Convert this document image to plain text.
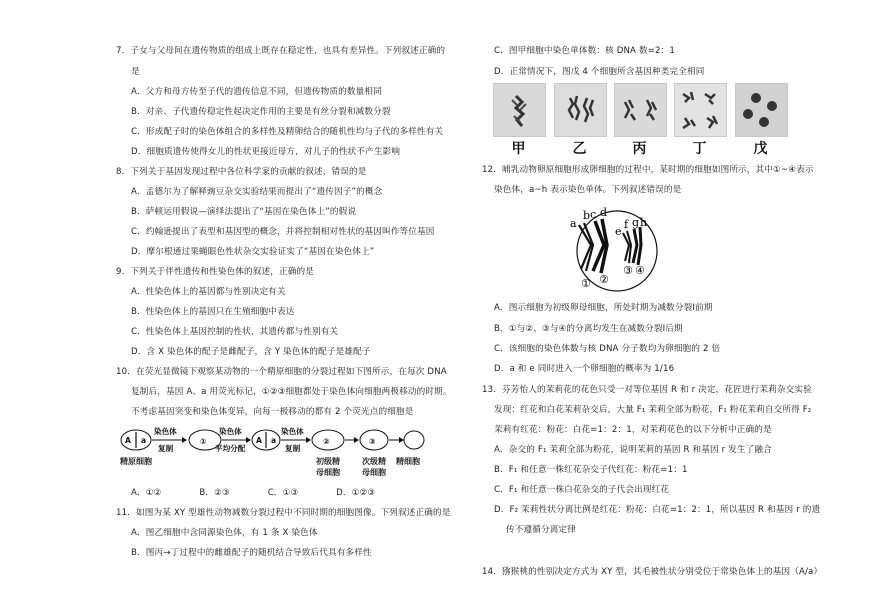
7．子女与父母间在遗传物质的组成上既存在稳定性，也具有差异性。下列叙述正确的
是
A．父方和母方传至子代的遗传信息不同，但遗传物质的数量相同
B．对亲、子代遗传稳定性起决定作用的主要是有丝分裂和减数分裂
C．形成配子时的染色体组合的多样性及精卵结合的随机性均与子代的多样性有关
D．细胞质遗传使得女儿的性状更接近母方，对儿子的性状不产生影响
8．下列关于基因发现过程中各位科学家的贡献的叙述，错误的是
A．孟德尔为了解释豌豆杂交实验结果而提出了“遗传因子”的概念
B．萨顿运用假说—演绎法提出了“基因在染色体上”的假说
C．约翰逊提出了表型和基因型的概念，并将控制相对性状的基因叫作等位基因
D．摩尔根通过果蝇眼色性状杂交实验证实了“基因在染色体上”
9．下列关于伴性遗传和性染色体的叙述，正确的是
A．性染色体上的基因都与性别决定有关
B．性染色体上的基因只在生殖细胞中表达
C．性染色体上基因控制的性状，其遗传都与性别有关
D．含 X 染色体的配子是雌配子，含 Y 染色体的配子是雄配子
10．在荧光显微镜下观察某动物的一个精原细胞的分裂过程如下图所示，在每次 DNA
复制后，基因 A、a 用荧光标记，①②③细胞都处于染色体向细胞两极移动的时期。
不考虑基因突变和染色体变异，向每一极移动的都有 2 个荧光点的细胞是
A．①②　　　　 B．②③　　　　 C．①③　　　　 D．①②③
11．如图为某 XY 型雄性动物减数分裂过程中不同时期的细胞图像。下列叙述正确的是
A．图乙细胞中含同源染色体，有 1 条 X 染色体
B．图丙→丁过程中的雌雄配子的随机结合导致后代具有多样性
A a
染色体
复制
①
染色体
平均分配
A a
染色体
复制
②	③
精原细胞	初级精
母细胞
次级精
母细胞
精细胞
C．图甲细胞中染色单体数：核 DNA 数=2：1
D．正常情况下，图戊 4 个细胞所含基因种类完全相同
12．哺乳动物卵原细胞形成卵细胞的过程中，某时期的细胞如图所示，其中①~④表示
染色体，a~h 表示染色单体。下列叙述错误的是
A．图示细胞为初级卵母细胞，所处时期为减数分裂Ⅰ前期
B．①与②、③与④的分离均发生在减数分裂Ⅰ后期
C．该细胞的染色体数与核 DNA 分子数均为卵细胞的 2 倍
D．a 和 e 同时进入一个卵细胞的概率为 1/16
13．芬芳怡人的茉莉花的花色只受一对等位基因 R 和 r 决定，花匠进行茉莉杂交实验
发现：红花和白花茉莉杂交后，大量 F₁ 茉莉全部为粉花，F₁ 粉花茉莉自交所得 F₂
茉莉有红花：粉花：白花=1：2：1，对茉莉花色的以下分析中正确的是
A．杂交的 F₁ 茉莉全部为粉花，说明茉莉的基因 R 和基因 r 发生了融合
B．F₁ 和任意一株红花杂交子代红花：粉花=1：1
C．F₁ 和任意一株白花杂交的子代会出现红花
D．F₂ 茉莉性状分离比例是红花：粉花：白花=1：2：1，所以基因 R 和基因 r 的遗
传不遵循分离定律
14．猕猴桃的性别决定方式为 XY 型，其毛被性状分别受位于常染色体上的基因（A/a）
甲	乙	丙	丁	戊
a
b c d
e
f g h
① ②
③ ④
